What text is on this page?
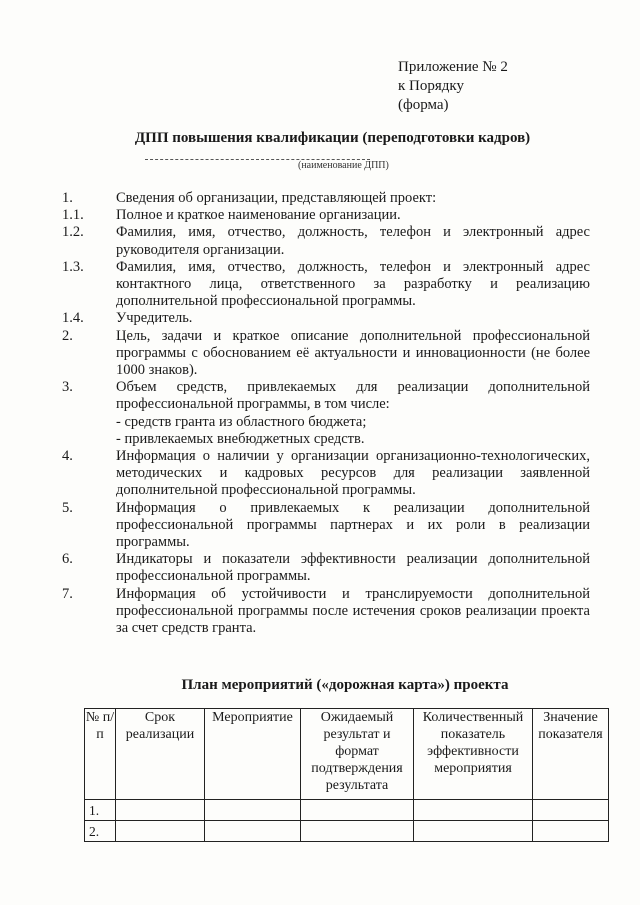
Приложение № 2
к Порядку
(форма)
ДПП повышения квалификации (переподготовки кадров)
(наименование ДПП)
1.	Сведения об организации, представляющей проект:
1.1.	Полное и краткое наименование организации.
1.2.	Фамилия, имя, отчество, должность, телефон и электронный адрес руководителя организации.
1.3.	Фамилия, имя, отчество, должность, телефон и электронный адрес контактного лица, ответственного за разработку и реализацию дополнительной профессиональной программы.
1.4.	Учредитель.
2.	Цель, задачи и краткое описание дополнительной профессиональной программы с обоснованием её актуальности и инновационности (не более 1000 знаков).
3.	Объем средств, привлекаемых для реализации дополнительной профессиональной программы, в том числе:
- средств гранта из областного бюджета;
- привлекаемых внебюджетных средств.
4.	Информация о наличии у организации организационно-технологических, методических и кадровых ресурсов для реализации заявленной дополнительной профессиональной программы.
5.	Информация о привлекаемых к реализации дополнительной профессиональной программы партнерах и их роли в реализации программы.
6.	Индикаторы и показатели эффективности реализации дополнительной профессиональной программы.
7.	Информация об устойчивости и транслируемости дополнительной профессиональной программы после истечения сроков реализации проекта за счет средств гранта.
План мероприятий («дорожная карта») проекта
№ п/п	Срок реализации	Мероприятие	Ожидаемый результат и формат подтверждения результата	Количественный показатель эффективности мероприятия	Значение показателя
1.					
2.					
